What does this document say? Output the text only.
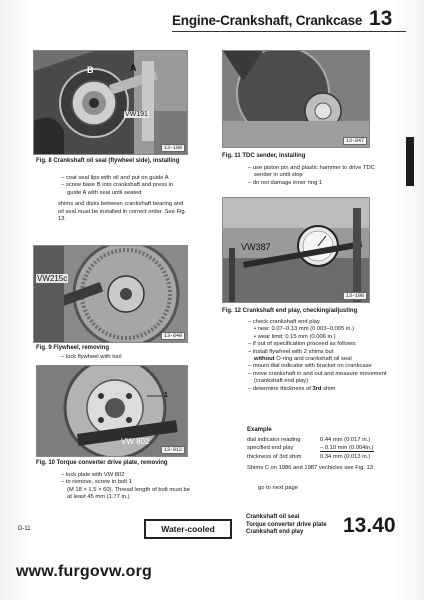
Engine-Crankshaft, Crankcase 13
B	A
VW191
13-189
Fig. 8 Crankshaft oil seal (flywheel side), installing

– coat seal lips with oil and put on guide A

– screw base B into crankshaft and press in guide A with seal until seated

shims and disks between crankshaft bearing and oil seal must be installed in correct order. See Fig. 13.

VW215c
13-649
Fig. 9 Flywheel, removing

– lock flywheel with tool

VW 802
1
13-812
Fig. 10 Torque converter drive plate, removing

– lock plate with VW 802

– to remove, screw in bolt 1

(M 18 × 1.5 × 60). Thread length of bolt must be at least 45 mm (1.77 in.)

13-847
Fig. 11 TDC sender, installing

– use piston pin and plastic hammer to drive TDC sender in until stop

– do not damage inner ring 1

VW387
13-198
Fig. 12 Crankshaft end play, checking/adjusting

– check crankshaft end play

• new: 0.07–0.13 mm (0.003–0.005 in.)

• wear limit: 0.15 mm (0.006 in.)

– if out of specification proceed as follows:

– install flywheel with 2 shims but
without O-ring and crankshaft oil seal

– mount dial indicator with bracket on crankcase

– move crankshaft in and out and measure movement (crankshaft end play)

– determine thickness of 3rd shim

Example
dial indicator reading	0.44 mm (0.017 in.)
specified end play	– 0.10 mm (0.004in.)
thickness of 3rd shim	0.34 mm (0.013 in.)
Shims C on 1986 and 1987 vechicles see Fig. 13
go to next page
D-11	Water-cooled
Crankshaft oil seal
Torque converter drive plate
Crankshaft end play	13.40
www.furgovw.org
